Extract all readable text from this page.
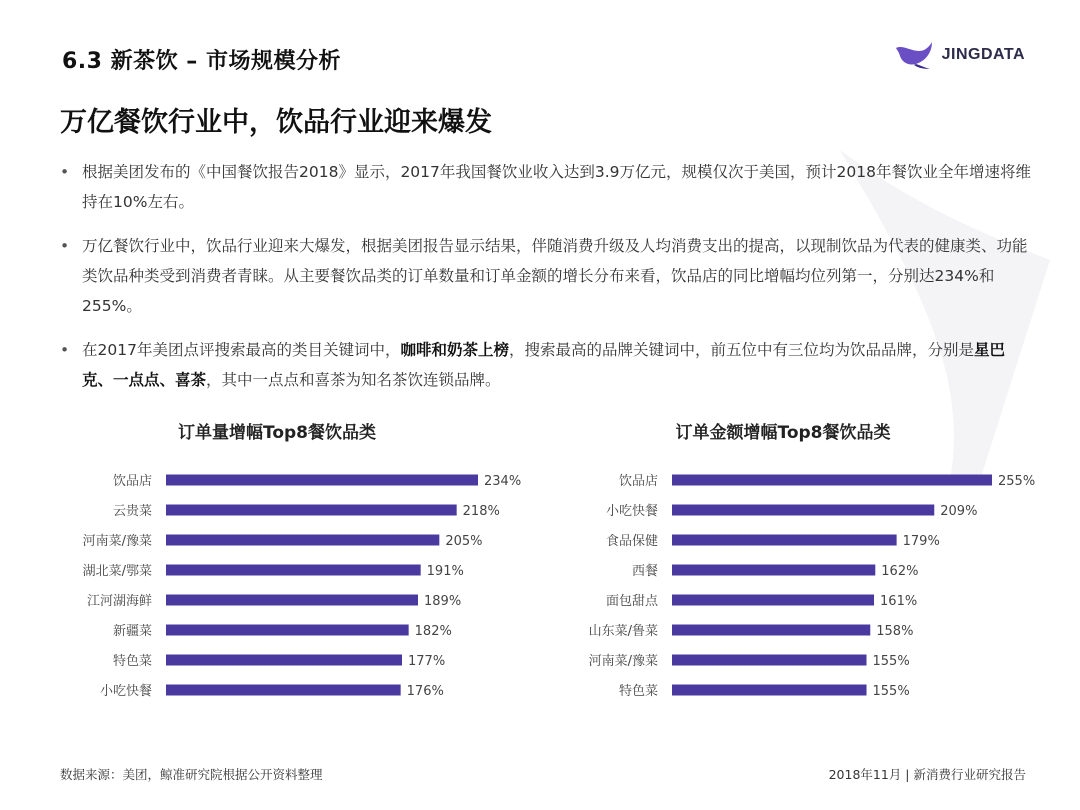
6.3 新茶饮 – 市场规模分析	JINGDATA
万亿餐饮行业中，饮品行业迎来爆发
• 根据美团发布的《中国餐饮报告2018》显示，2017年我国餐饮业收入达到3.9万亿元，规模仅次于美国，预计2018年餐饮业全年增速将维持在10%左右。
• 万亿餐饮行业中，饮品行业迎来大爆发，根据美团报告显示结果，伴随消费升级及人均消费支出的提高，以现制饮品为代表的健康类、功能类饮品种类受到消费者青睐。从主要餐饮品类的订单数量和订单金额的增长分布来看，饮品店的同比增幅均位列第一，分别达234%和255%。
• 在2017年美团点评搜索最高的类目关键词中，咖啡和奶茶上榜，搜索最高的品牌关键词中，前五位中有三位均为饮品品牌，分别是星巴克、一点点、喜茶，其中一点点和喜茶为知名茶饮连锁品牌。
订单量增幅Top8餐饮品类
饮品店	234%
云贵菜	218%
河南菜/豫菜	205%
湖北菜/鄂菜	191%
江河湖海鲜	189%
新疆菜	182%
特色菜	177%
小吃快餐	176%
订单金额增幅Top8餐饮品类
饮品店	255%
小吃快餐	209%
食品保健	179%
西餐	162%
面包甜点	161%
山东菜/鲁菜	158%
河南菜/豫菜	155%
特色菜	155%
数据来源：美团，鲸准研究院根据公开资料整理	2018年11月 | 新消费行业研究报告
